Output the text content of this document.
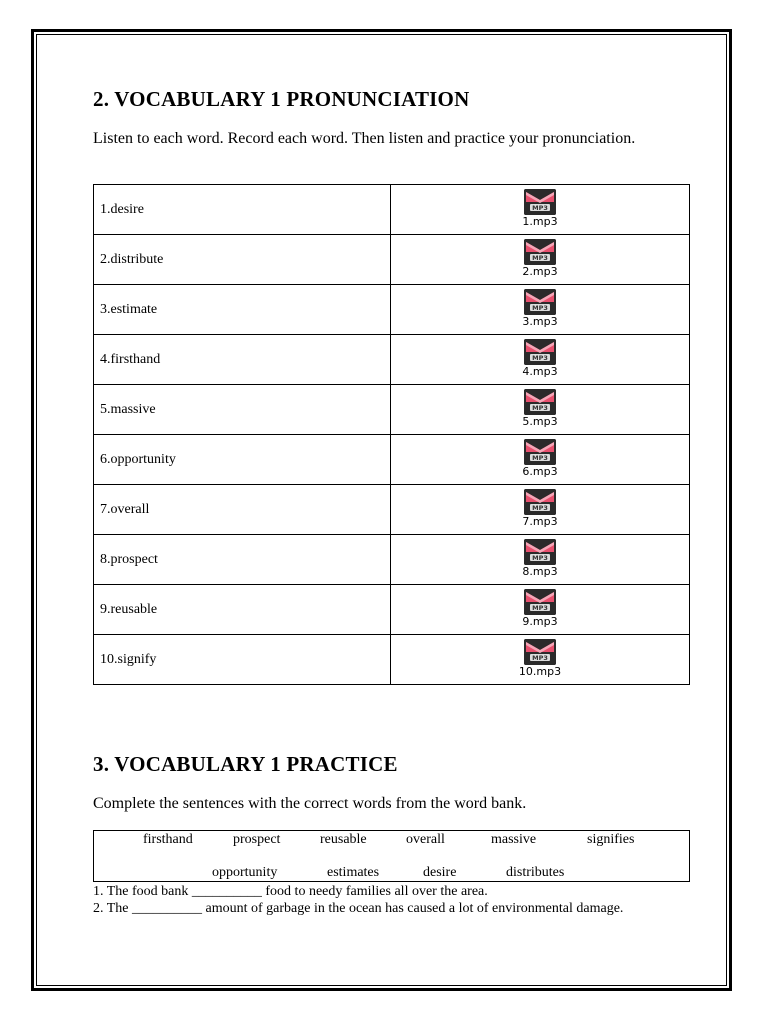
2. VOCABULARY 1 PRONUNCIATION

Listen to each word. Record each word. Then listen and practice your pronunciation.

1.desire	MP3
1.mp3

2.distribute	MP3
2.mp3

3.estimate	MP3
3.mp3

4.firsthand	MP3
4.mp3

5.massive	MP3
5.mp3

6.opportunity	MP3
6.mp3

7.overall	MP3
7.mp3

8.prospect	MP3
8.mp3

9.reusable	MP3
9.mp3

10.signify	MP3
10.mp3
3. VOCABULARY 1 PRACTICE

Complete the sentences with the correct words from the word bank.

firsthand	prospect	reusable	overall	massive	signifies
opportunity	estimates	desire	distributes

1. The food bank __________ food to needy families all over the area.

2. The __________ amount of garbage in the ocean has caused a lot of environmental damage.
